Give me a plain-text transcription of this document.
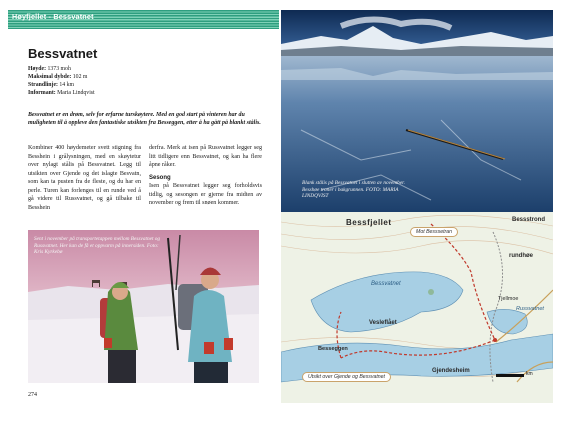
Høyfjellet - Bessvatnet
Bessvatnet
Høyde: 1373 moh
Maksimal dybde: 102 m
Strandlinje: 14 km
Informant: Maria Lindqvist
Bessvatnet er en drøm, selv for erfarne turskøytere. Med en god start på vinteren har du muligheten til å oppleve den fantastiske utsikten fra Besseggen, etter å ha gått på blankt stålis.
Kombiner 400 høydemeter svett stigning fra Besshein i grålysningen, med en skøytetur over nylagt stålis på Bessvatnet. Legg til utsikten over Gjende og det islagte Besvatn, som kan ta pusten fra de fleste, og du har en perle. Turen kan forlenges til en runde ved å gå videre til Russvatnet, og gå tilbake til Besshein
derfra. Merk at isen på Russvatnet legger seg litt tidligere enn Bessvatnet, og kan ha flere åpne råker.
Sesong
Isen på Bessvatnet legger seg forholdsvis tidlig, og sesongen er gjerne fra midten av november og frem til snøen kommer.
Sent i november på transportetappen mellom Bessvatnet og Russvatnet. Her kan de få et oppvarm på innersiden. Foto: Kris Kyrkebø
274
Blank stålis på Bessvatnet i slutten av november. Besshøe troner i bakgrunnen. FOTO: MARIA LINDQVIST
Bessfjellet
Mot Besssetran
Bessstrond
rundhøe
Bessvatnet
Russvatnet
Tjellmoe
Vesleflået
Besseggen
Gjendesheim
Utsikt over Gjende og Bessvatnet	km
